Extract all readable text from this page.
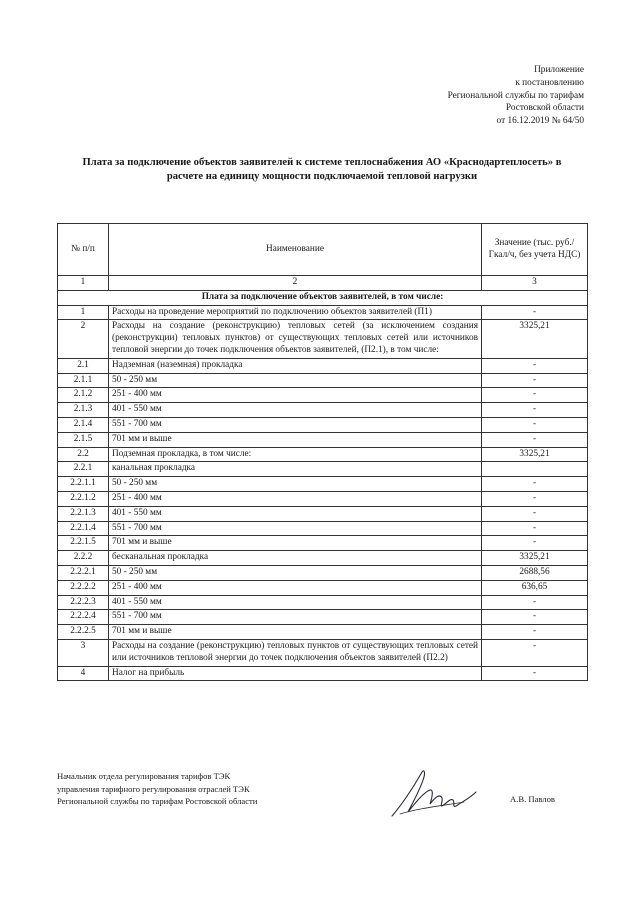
Приложение
к постановлению
Региональной службы по тарифам
Ростовской области
от 16.12.2019 № 64/50
Плата за подключение объектов заявителей к системе теплоснабжения АО «Краснодартеплосеть» в
расчете на единицу мощности подключаемой тепловой нагрузки
№ п/п	Наименование	Значение (тыс. руб./Гкал/ч, без учета НДС)
1	2	3
Плата за подключение объектов заявителей, в том числе:		
1	Расходы на проведение мероприятий по подключению объектов заявителей (П1)	-
2	Расходы на создание (реконструкцию) тепловых сетей (за исключением создания (реконструкции) тепловых пунктов) от существующих тепловых сетей или источников тепловой энергии до точек подключения объектов заявителей, (П2.1), в том числе:	3325,21
2.1	Надземная (наземная) прокладка	-
2.1.1	50 - 250 мм	-
2.1.2	251 - 400 мм	-
2.1.3	401 - 550 мм	-
2.1.4	551 - 700 мм	-
2.1.5	701 мм и выше	-
2.2	Подземная прокладка, в том числе:	3325,21
2.2.1	канальная прокладка	
2.2.1.1	50 - 250 мм	-
2.2.1.2	251 - 400 мм	-
2.2.1.3	401 - 550 мм	-
2.2.1.4	551 - 700 мм	-
2.2.1.5	701 мм и выше	-
2.2.2	бесканальная прокладка	3325,21
2.2.2.1	50 - 250 мм	2688,56
2.2.2.2	251 - 400 мм	636,65
2.2.2.3	401 - 550 мм	-
2.2.2.4	551 - 700 мм	-
2.2.2.5	701 мм и выше	-
3	Расходы на создание (реконструкцию) тепловых пунктов от существующих тепловых сетей или источников тепловой энергии до точек подключения объектов заявителей (П2.2)	-
4	Налог на прибыль	-
Начальник отдела регулирования тарифов ТЭК
управления тарифного регулирования отраслей ТЭК
Региональной службы по тарифам Ростовской области	А.В. Павлов
